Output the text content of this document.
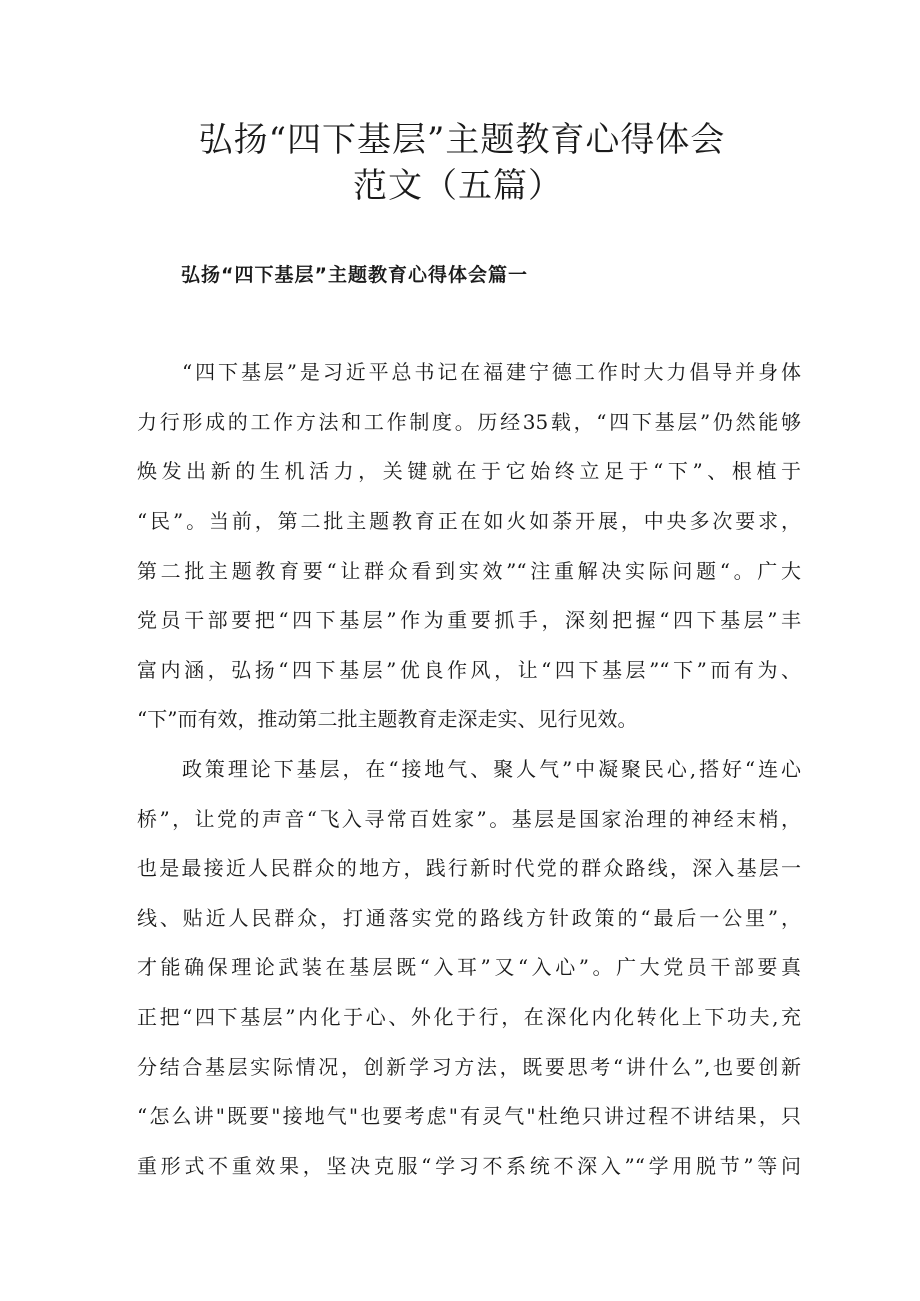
弘扬“四下基层”主题教育心得体会
范文（五篇）
弘扬“四下基层”主题教育心得体会篇一
“四下基层”是习近平总书记在福建宁德工作时大力倡导并身体
力行形成的工作方法和工作制度。历经35载，“四下基层”仍然能够
焕发出新的生机活力，关键就在于它始终立足于“下”、根植于
“民”。当前，第二批主题教育正在如火如荼开展，中央多次要求，
第二批主题教育要“让群众看到实效”“注重解决实际问题“。广大
党员干部要把“四下基层”作为重要抓手，深刻把握“四下基层”丰
富内涵，弘扬“四下基层”优良作风，让“四下基层”“下”而有为、
“下”而有效，推动第二批主题教育走深走实、见行见效。
政策理论下基层，在“接地气、聚人气”中凝聚民心,搭好“连心
桥”，让党的声音“飞入寻常百姓家”。基层是国家治理的神经末梢，
也是最接近人民群众的地方，践行新时代党的群众路线，深入基层一
线、贴近人民群众，打通落实党的路线方针政策的“最后一公里”，
才能确保理论武装在基层既“入耳”又“入心”。广大党员干部要真
正把“四下基层”内化于心、外化于行，在深化内化转化上下功夫,充
分结合基层实际情况，创新学习方法，既要思考“讲什么”,也要创新
“怎么讲"既要"接地气"也要考虑"有灵气"杜绝只讲过程不讲结果，只
重形式不重效果，坚决克服“学习不系统不深入”“学用脱节”等问
